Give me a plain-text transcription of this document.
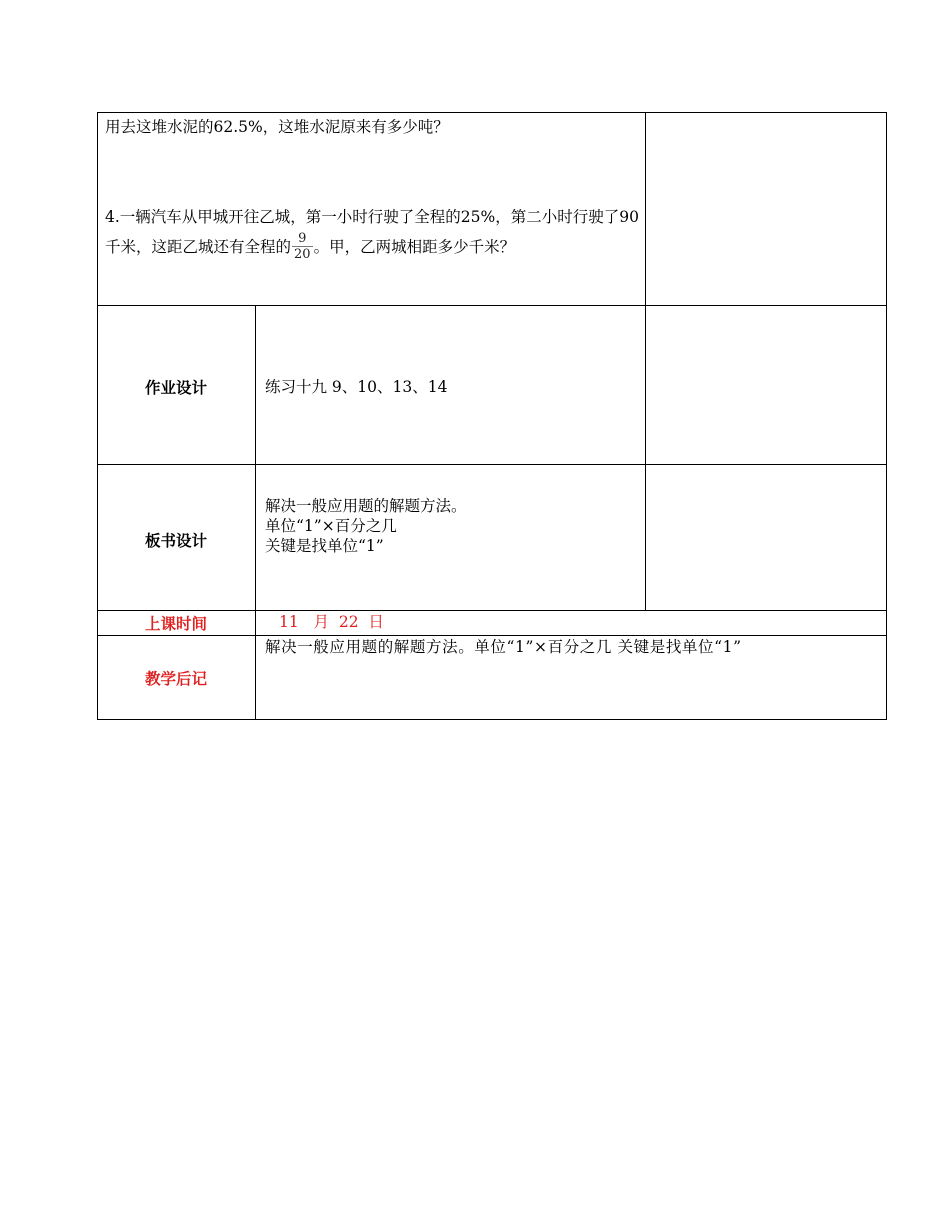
用去这堆水泥的62.5%，这堆水泥原来有多少吨？
4.一辆汽车从甲城开往乙城，第一小时行驶了全程的25%，第二小时行驶了90千米，这距乙城还有全程的 $\frac{9}{20}$ 。甲，乙两城相距多少千米？
作业设计	练习十九 9、10、13、14
板书设计
解决一般应用题的解题方法。
单位“1”×百分之几
关键是找单位“1”
上课时间	11   月  22  日
教学后记
解决一般应用题的解题方法。单位“1”×百分之几 关键是找单位“1”
